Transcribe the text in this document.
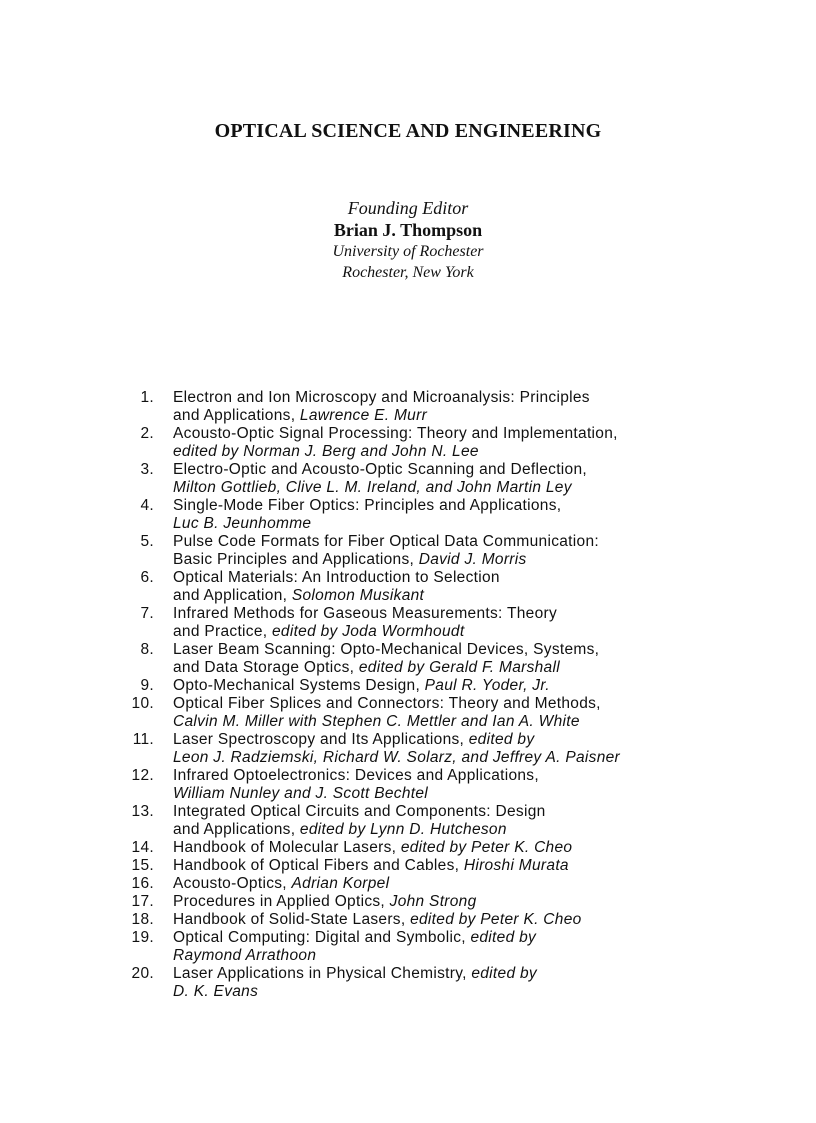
OPTICAL SCIENCE AND ENGINEERING
Founding Editor
Brian J. Thompson
University of Rochester
Rochester, New York
1. Electron and Ion Microscopy and Microanalysis: Principles
and Applications, Lawrence E. Murr
2. Acousto-Optic Signal Processing: Theory and Implementation,
edited by Norman J. Berg and John N. Lee
3. Electro-Optic and Acousto-Optic Scanning and Deflection,
Milton Gottlieb, Clive L. M. Ireland, and John Martin Ley
4. Single-Mode Fiber Optics: Principles and Applications,
Luc B. Jeunhomme
5. Pulse Code Formats for Fiber Optical Data Communication:
Basic Principles and Applications, David J. Morris
6. Optical Materials: An Introduction to Selection
and Application, Solomon Musikant
7. Infrared Methods for Gaseous Measurements: Theory
and Practice, edited by Joda Wormhoudt
8. Laser Beam Scanning: Opto-Mechanical Devices, Systems,
and Data Storage Optics, edited by Gerald F. Marshall
9. Opto-Mechanical Systems Design, Paul R. Yoder, Jr.
10. Optical Fiber Splices and Connectors: Theory and Methods,
Calvin M. Miller with Stephen C. Mettler and Ian A. White
11. Laser Spectroscopy and Its Applications, edited by
Leon J. Radziemski, Richard W. Solarz, and Jeffrey A. Paisner
12. Infrared Optoelectronics: Devices and Applications,
William Nunley and J. Scott Bechtel
13. Integrated Optical Circuits and Components: Design
and Applications, edited by Lynn D. Hutcheson
14. Handbook of Molecular Lasers, edited by Peter K. Cheo
15. Handbook of Optical Fibers and Cables, Hiroshi Murata
16. Acousto-Optics, Adrian Korpel
17. Procedures in Applied Optics, John Strong
18. Handbook of Solid-State Lasers, edited by Peter K. Cheo
19. Optical Computing: Digital and Symbolic, edited by
Raymond Arrathoon
20. Laser Applications in Physical Chemistry, edited by
D. K. Evans
